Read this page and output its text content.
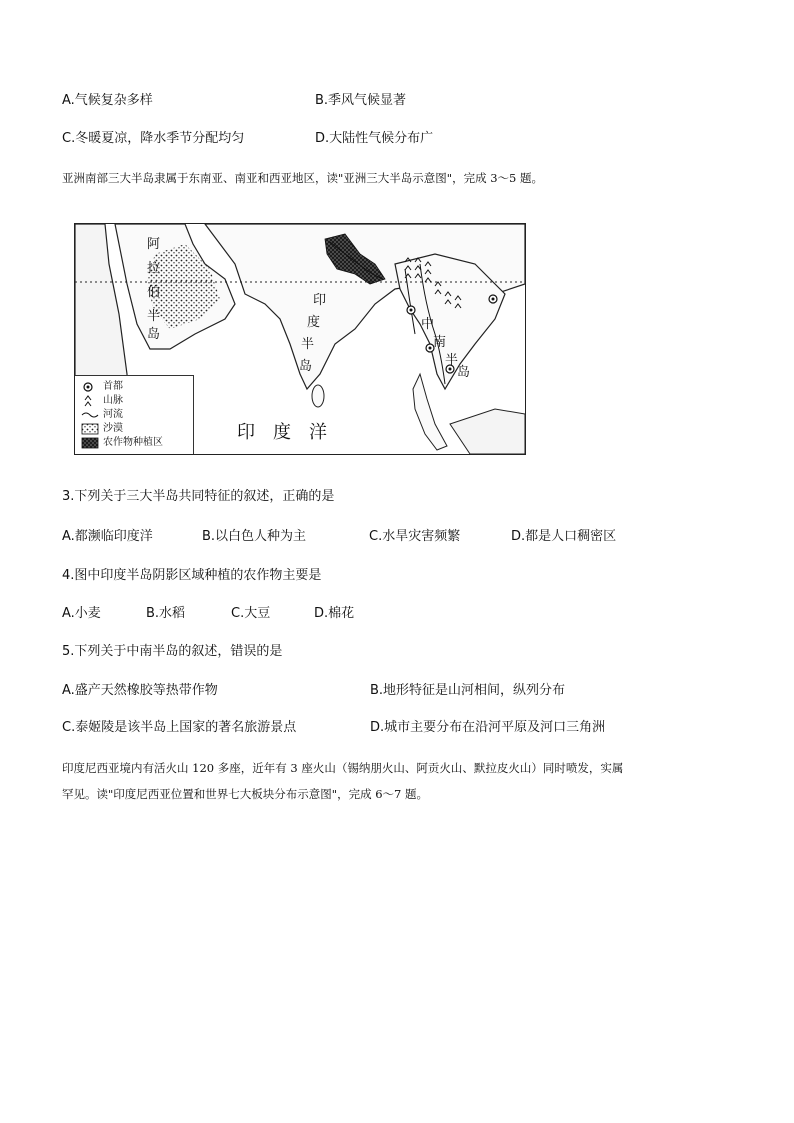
A.气候复杂多样	B.季风气候显著
C.冬暖夏凉，降水季节分配均匀	D.大陆性气候分布广
亚洲南部三大半岛隶属于东南亚、南亚和西亚地区，读"亚洲三大半岛示意图"，完成 3～5 题。
阿
拉
伯
半
岛
印
度
半
岛
中
南
半
岛
印　度　洋
首都
山脉
河流
沙漠
农作物种植区
3.下列关于三大半岛共同特征的叙述，正确的是
A.都濒临印度洋	B.以白色人种为主	C.水旱灾害频繁	D.都是人口稠密区
4.图中印度半岛阴影区域种植的农作物主要是
A.小麦	B.水稻	C.大豆	D.棉花
5.下列关于中南半岛的叙述，错误的是
A.盛产天然橡胶等热带作物	B.地形特征是山河相间，纵列分布
C.泰姬陵是该半岛上国家的著名旅游景点	D.城市主要分布在沿河平原及河口三角洲
印度尼西亚境内有活火山 120 多座，近年有 3 座火山（锡纳朋火山、阿贡火山、默拉皮火山）同时喷发，实属
罕见。读"印度尼西亚位置和世界七大板块分布示意图"，完成 6～7 题。
